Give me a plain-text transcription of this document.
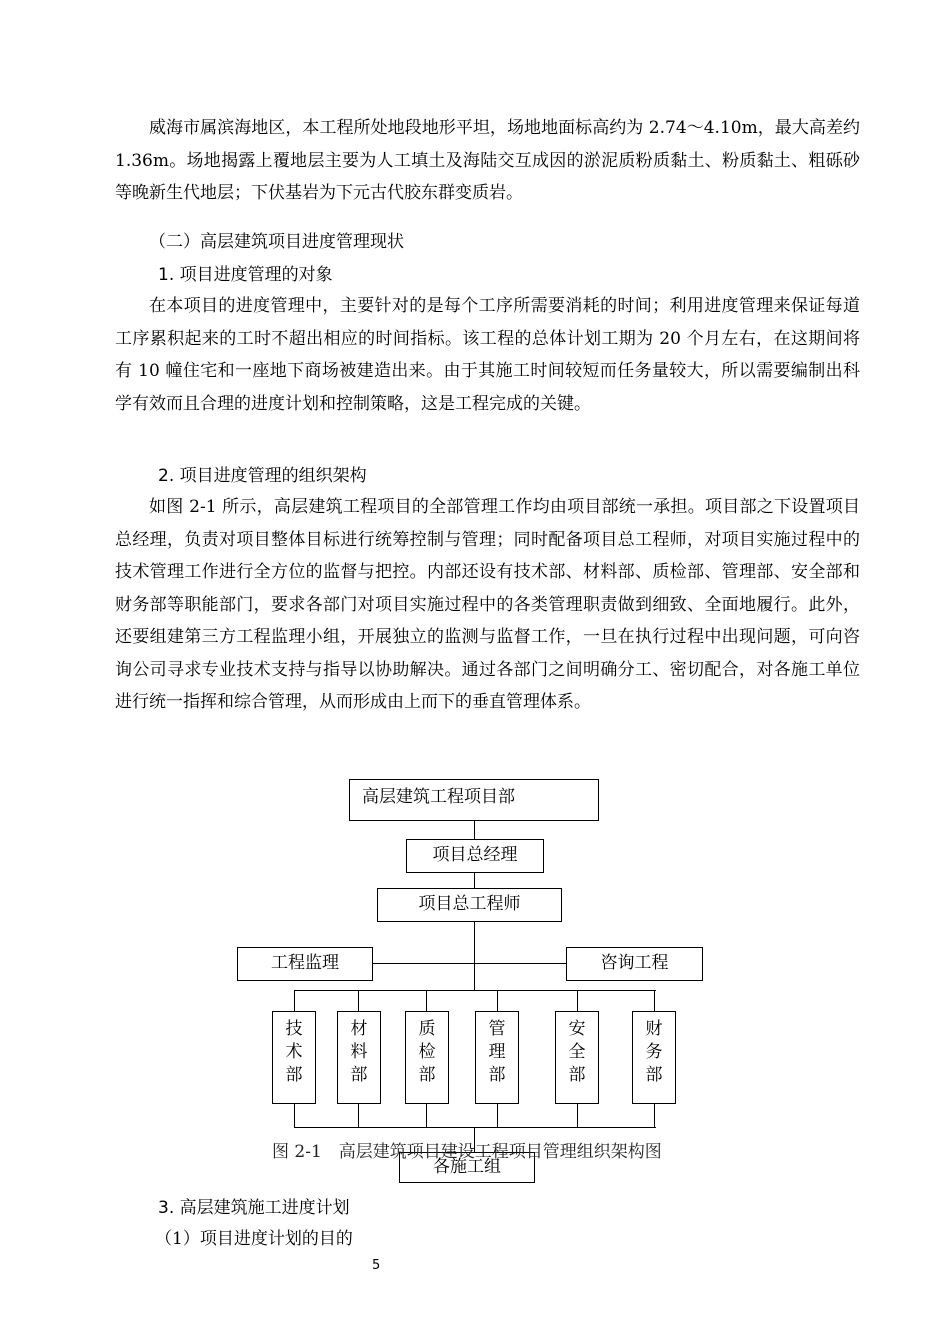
威海市属滨海地区，本工程所处地段地形平坦，场地地面标高约为 2.74～4.10m，最大高差约 1.36m。场地揭露上覆地层主要为人工填土及海陆交互成因的淤泥质粉质黏土、粉质黏土、粗砾砂等晚新生代地层；下伏基岩为下元古代胶东群变质岩。

（二）高层建筑项目进度管理现状

1. 项目进度管理的对象

在本项目的进度管理中，主要针对的是每个工序所需要消耗的时间；利用进度管理来保证每道工序累积起来的工时不超出相应的时间指标。该工程的总体计划工期为 20 个月左右，在这期间将有 10 幢住宅和一座地下商场被建造出来。由于其施工时间较短而任务量较大，所以需要编制出科学有效而且合理的进度计划和控制策略，这是工程完成的关键。

2. 项目进度管理的组织架构

如图 2-1 所示，高层建筑工程项目的全部管理工作均由项目部统一承担。项目部之下设置项目总经理，负责对项目整体目标进行统筹控制与管理；同时配备项目总工程师，对项目实施过程中的技术管理工作进行全方位的监督与把控。内部还设有技术部、材料部、质检部、管理部、安全部和财务部等职能部门，要求各部门对项目实施过程中的各类管理职责做到细致、全面地履行。此外，还要组建第三方工程监理小组，开展独立的监测与监督工作，一旦在执行过程中出现问题，可向咨询公司寻求专业技术支持与指导以协助解决。通过各部门之间明确分工、密切配合，对各施工单位进行统一指挥和综合管理，从而形成由上而下的垂直管理体系。

高层建筑工程项目部
项目总经理
项目总工程师
工程监理	咨询工程
技
术
部
材
料
部
质
检
部
管
理
部
安
全
部
财
务
部
各施工组
图 2-1　高层建筑项目建设工程项目管理组织架构图

3. 高层建筑施工进度计划

（1）项目进度计划的目的

5
